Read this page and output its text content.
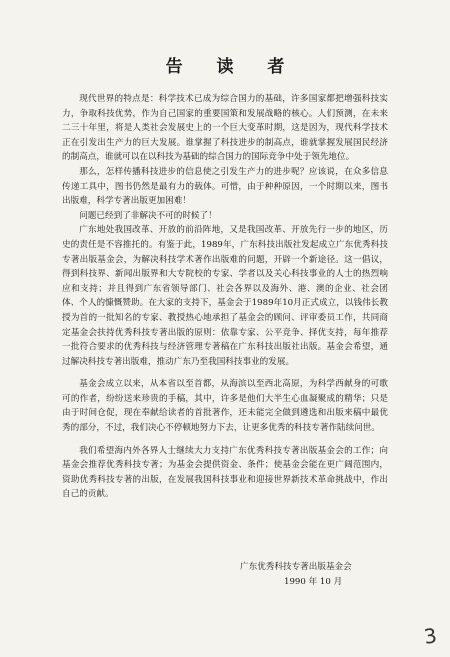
告 读 者

现代世界的特点是：科学技术已成为综合国力的基础，许多国家都把增强科技实力，争取科技优势，作为自己国家的重要国策和发展战略的核心。人们预测，在未来二三十年里，将是人类社会发展史上的一个巨大变革时期，这是因为，现代科学技术正在引发出生产力的巨大发展。谁掌握了科技进步的制高点，谁就掌握发展国民经济的制高点，谁就可以在以科技为基础的综合国力的国际竞争中处于领先地位。

那么，怎样传播科技进步的信息使之引发生产力的进步呢？应该说，在众多信息传递工具中，图书仍然是最有力的载体。可惜，由于种种原因，一个时期以来，图书出版难，科学专著出版更加困难！

问题已经到了非解决不可的时候了！

广东地处我国改革、开放的前沿阵地，又是我国改革、开放先行一步的地区，历史的责任是不容推托的。有鉴于此，1989年，广东科技出版社发起成立广东优秀科技专著出版基金会，为解决科技学术著作出版难的问题，开辟一个新途径。这一倡议，得到科技界、新闻出版界和大专院校的专家、学者以及关心科技事业的人士的热烈响应和支持；并且得到广东省领导部门、社会各界以及海外、港、澳的企业、社会团体、个人的慷慨赞助。在大家的支持下，基金会于1989年10月正式成立，以钱伟长教授为首的一批知名的专家、教授热心地承担了基金会的顾问、评审委员工作，共同商定基金会扶持优秀科技专著出版的原则：依靠专家、公平竞争、择优支持，每年推荐一批符合要求的优秀科技与经济管理专著稿在广东科技出版社出版。基金会希望，通过解决科技专著出版难，推动广东乃至我国科技事业的发展。

基金会成立以来，从本省以至首都，从海滨以至西北高原，为科学西献身的可歌可的作者，纷纷送来珍贵的手稿，其中，许多是他们大半生心血凝聚成的精华；只是由于时间仓促，现在奉献给读者的首批著作，还未能完全做到遴选和出版来稿中最优秀的部分，不过，我们决心不停顿地努力下去，让更多优秀的科技专著作陆续问世。

我们希望海内外各界人士继续大力支持广东优秀科技专著出版基金会的工作；向基金会推荐优秀科技专著；为基金会提供资金、条件；使基金会能在更广阔范围内，资助优秀科技专著的出版，在发展我国科技事业和迎接世界新技术革命挑战中，作出自己的贡献。

广东优秀科技专著出版基金会
1990 年 10 月
3
